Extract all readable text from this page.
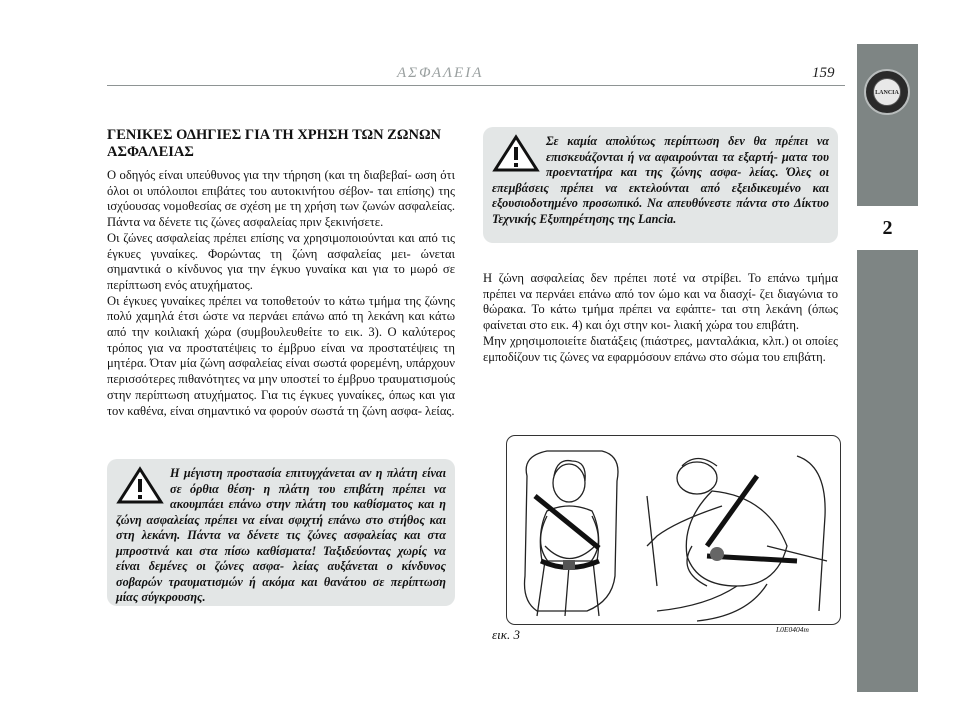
ΑΣΦΑΛΕΙΑ	159
LANCIA
2
ΓΕΝΙΚΕΣ ΟΔΗΓΙΕΣ ΓΙΑ ΤΗ ΧΡΗΣΗ ΤΩΝ ΖΩΝΩΝ ΑΣΦΑΛΕΙΑΣ

Ο οδηγός είναι υπεύθυνος για την τήρηση (και τη διαβεβαί- ωση ότι όλοι οι υπόλοιποι επιβάτες του αυτοκινήτου σέβον- ται επίσης) της ισχύουσας νομοθεσίας σε σχέση με τη χρήση των ζωνών ασφαλείας. Πάντα να δένετε τις ζώνες ασφαλείας πριν ξεκινήσετε.

Οι ζώνες ασφαλείας πρέπει επίσης να χρησιμοποιούνται και από τις έγκυες γυναίκες. Φορώντας τη ζώνη ασφαλείας μει- ώνεται σημαντικά ο κίνδυνος για την έγκυο γυναίκα και για το μωρό σε περίπτωση ενός ατυχήματος.

Οι έγκυες γυναίκες πρέπει να τοποθετούν το κάτω τμήμα της ζώνης πολύ χαμηλά έτσι ώστε να περνάει επάνω από τη λεκάνη και κάτω από την κοιλιακή χώρα (συμβουλευθείτε το εικ. 3). Ο καλύτερος τρόπος για να προστατέψεις το έμβρυο είναι να προστατέψεις τη μητέρα. Όταν μία ζώνη ασφαλείας είναι σωστά φορεμένη, υπάρχουν περισσότερες πιθανότητες να μην υποστεί το έμβρυο τραυματισμούς στην περίπτωση ατυχήματος. Για τις έγκυες γυναίκες, όπως και για τον καθένα, είναι σημαντικό να φορούν σωστά τη ζώνη ασφα- λείας.

Η μέγιστη προστασία επιτυγχάνεται αν η πλάτη είναι σε όρθια θέση· η πλάτη του επιβάτη πρέπει να ακουμπάει επάνω στην πλάτη του καθίσματος και η ζώνη ασφαλείας πρέπει να είναι σφιχτή επάνω στο στήθος και στη λεκάνη. Πάντα να δένετε τις ζώνες ασφαλείας και στα μπροστινά και στα πίσω καθίσματα! Ταξιδεύοντας χωρίς να είναι δεμένες οι ζώνες ασφα- λείας αυξάνεται ο κίνδυνος σοβαρών τραυματισμών ή ακόμα και θανάτου σε περίπτωση μίας σύγκρουσης.

Σε καμία απολύτως περίπτωση δεν θα πρέπει να επισκευάζονται ή να αφαιρούνται τα εξαρτή- ματα του προεντατήρα και της ζώνης ασφα- λείας. Όλες οι επεμβάσεις πρέπει να εκτελούνται από εξειδικευμένο και εξουσιοδοτημένο προσωπικό. Να απευθύνεστε πάντα στο Δίκτυο Τεχνικής Εξυπηρέτησης της Lancia.

Η ζώνη ασφαλείας δεν πρέπει ποτέ να στρίβει. Το επάνω τμήμα πρέπει να περνάει επάνω από τον ώμο και να διασχί- ζει διαγώνια το θώρακα. Το κάτω τμήμα πρέπει να εφάπτε- ται στη λεκάνη (όπως φαίνεται στο εικ. 4) και όχι στην κοι- λιακή χώρα του επιβάτη.

Μην χρησιμοποιείτε διατάξεις (πιάστρες, μανταλάκια, κλπ.) οι οποίες εμποδίζουν τις ζώνες να εφαρμόσουν επάνω στο σώμα του επιβάτη.

εικ. 3	L0E0404m
